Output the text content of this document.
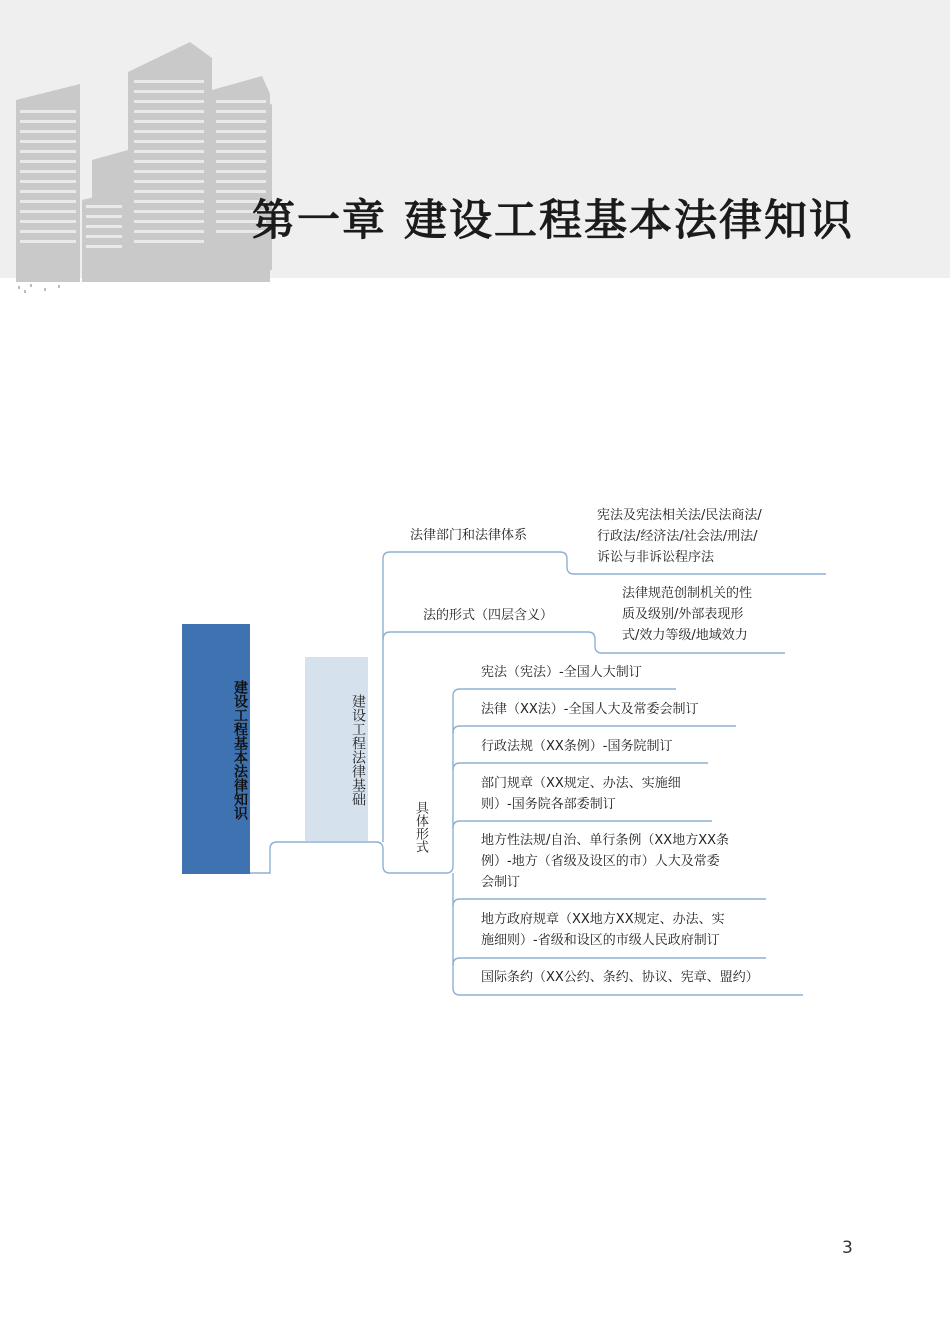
第一章 建设工程基本法律知识
建设工程基本法律知识	建设工程法律基础
法律部门和法律体系
宪法及宪法相关法/民法商法/
行政法/经济法/社会法/刑法/
诉讼与非诉讼程序法
法的形式（四层含义）
法律规范创制机关的性
质及级别/外部表现形
式/效力等级/地域效力
具体形式
宪法（宪法）-全国人大制订
法律（XX法）-全国人大及常委会制订
行政法规（XX条例）-国务院制订
部门规章（XX规定、办法、实施细
则）-国务院各部委制订
地方性法规/自治、单行条例（XX地方XX条
例）-地方（省级及设区的市）人大及常委
会制订
地方政府规章（XX地方XX规定、办法、实
施细则）-省级和设区的市级人民政府制订
国际条约（XX公约、条约、协议、宪章、盟约）
3
